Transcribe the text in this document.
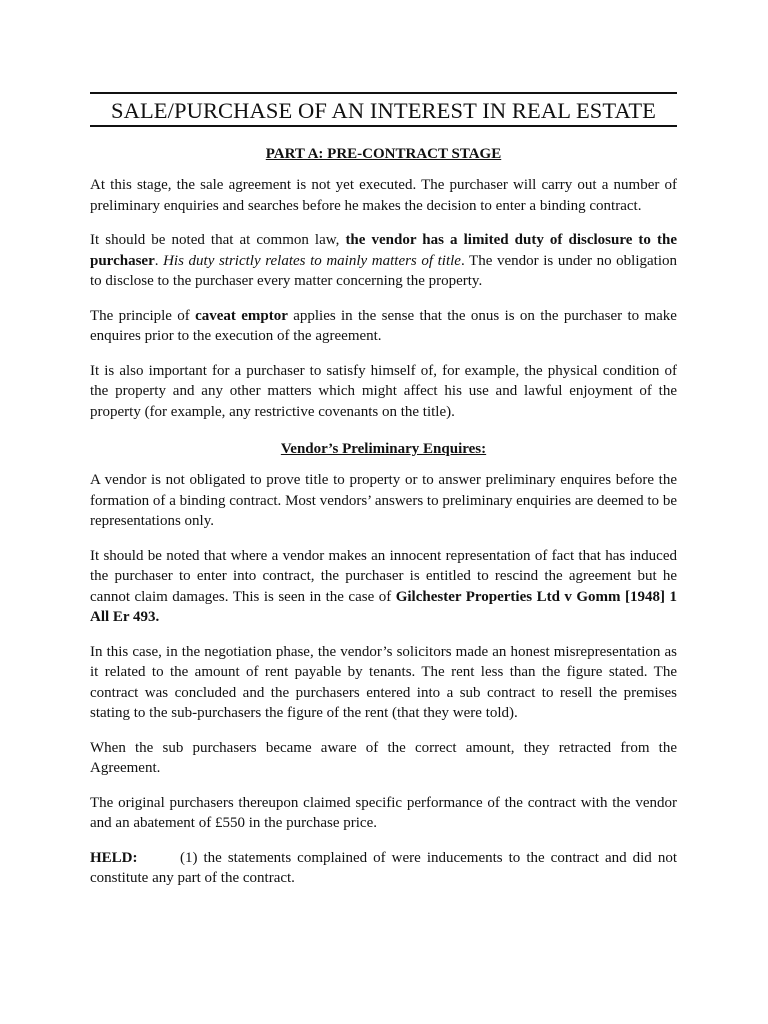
SALE/PURCHASE OF AN INTEREST IN REAL ESTATE
PART A: PRE-CONTRACT STAGE

At this stage, the sale agreement is not yet executed. The purchaser will carry out a number of preliminary enquiries and searches before he makes the decision to enter a binding contract.

It should be noted that at common law, the vendor has a limited duty of disclosure to the purchaser. His duty strictly relates to mainly matters of title. The vendor is under no obligation to disclose to the purchaser every matter concerning the property.

The principle of caveat emptor applies in the sense that the onus is on the purchaser to make enquires prior to the execution of the agreement.

It is also important for a purchaser to satisfy himself of, for example, the physical condition of the property and any other matters which might affect his use and lawful enjoyment of the property (for example, any restrictive covenants on the title).

Vendor’s Preliminary Enquires:

A vendor is not obligated to prove title to property or to answer preliminary enquires before the formation of a binding contract. Most vendors’ answers to preliminary enquiries are deemed to be representations only.

It should be noted that where a vendor makes an innocent representation of fact that has induced the purchaser to enter into contract, the purchaser is entitled to rescind the agreement but he cannot claim damages. This is seen in the case of Gilchester Properties Ltd v Gomm [1948] 1 All Er 493.

In this case, in the negotiation phase, the vendor’s solicitors made an honest misrepresentation as it related to the amount of rent payable by tenants. The rent less than the figure stated. The contract was concluded and the purchasers entered into a sub contract to resell the premises stating to the sub-purchasers the figure of the rent (that they were told).

When the sub purchasers became aware of the correct amount, they retracted from the Agreement.

The original purchasers thereupon claimed specific performance of the contract with the vendor and an abatement of £550 in the purchase price.

HELD:	(1) the statements complained of were inducements to the contract and did not constitute any part of the contract.
